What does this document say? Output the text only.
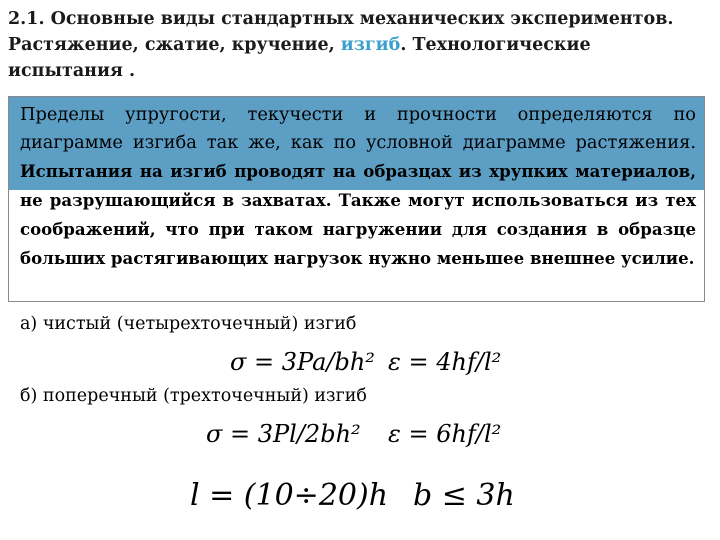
2.1. Основные виды стандартных механических экспериментов. Растяжение, сжатие, кручение, изгиб. Технологические испытания .
Пределы упругости, текучести и прочности определяются по диаграмме изгиба так же, как по условной диаграмме растяжения. Испытания на изгиб проводят на образцах из хрупких материалов, не разрушающийся в захватах. Также могут использоваться из тех соображений, что при таком нагружении для создания в образце больших растягивающих нагрузок нужно меньшее внешнее усилие.
а) чистый (четырехточечный) изгиб
σ = 3Pa/bh² ε = 4hf/l²
б) поперечный (трехточечный) изгиб
σ = 3Pl/2bh² ε = 6hf/l²
l = (10÷20)h b ≤ 3h
